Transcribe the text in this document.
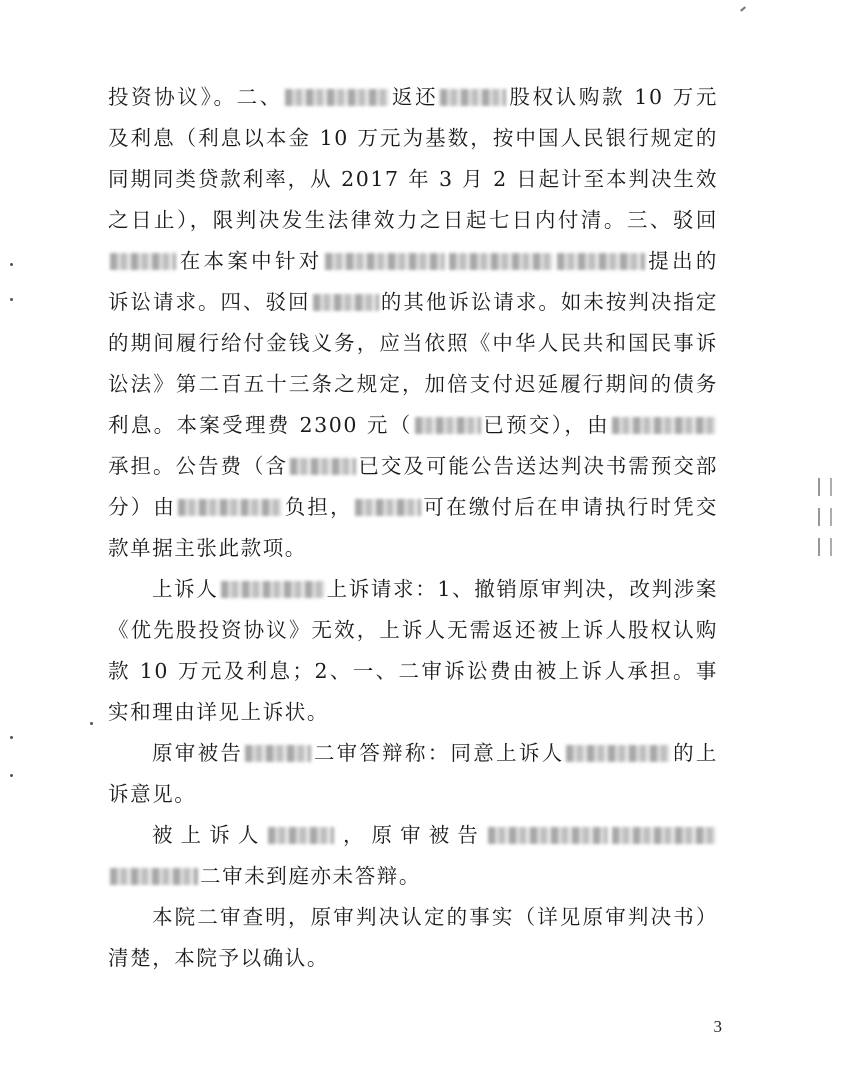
投资协议》。二、	返还	股权认购款 10 万元及利息（利息以本金 10 万元为基数，按中国人民银行规定的同期同类贷款利率，从 2017 年 3 月 2 日起计至本判决生效之日止），限判决发生法律效力之日起七日内付清。三、驳回在本案中针对	提出的诉讼请求。四、驳回	的其他诉讼请求。如未按判决指定的期间履行给付金钱义务，应当依照《中华人民共和国民事诉讼法》第二百五十三条之规定，加倍支付迟延履行期间的债务利息。本案受理费 2300 元（	已预交），由承担。公告费（含	已交及可能公告送达判决书需预交部分）由	负担，	可在缴付后在申请执行时凭交款单据主张此款项。

上诉人	上诉请求：1、撤销原审判决，改判涉案《优先股投资协议》无效，上诉人无需返还被上诉人股权认购款 10 万元及利息；2、一、二审诉讼费由被上诉人承担。事实和理由详见上诉状。

原审被告	二审答辩称：同意上诉人	的上诉意见。

被上诉人	，原审被告二审未到庭亦未答辩。

本院二审查明，原审判决认定的事实（详见原审判决书）清楚，本院予以确认。

3
